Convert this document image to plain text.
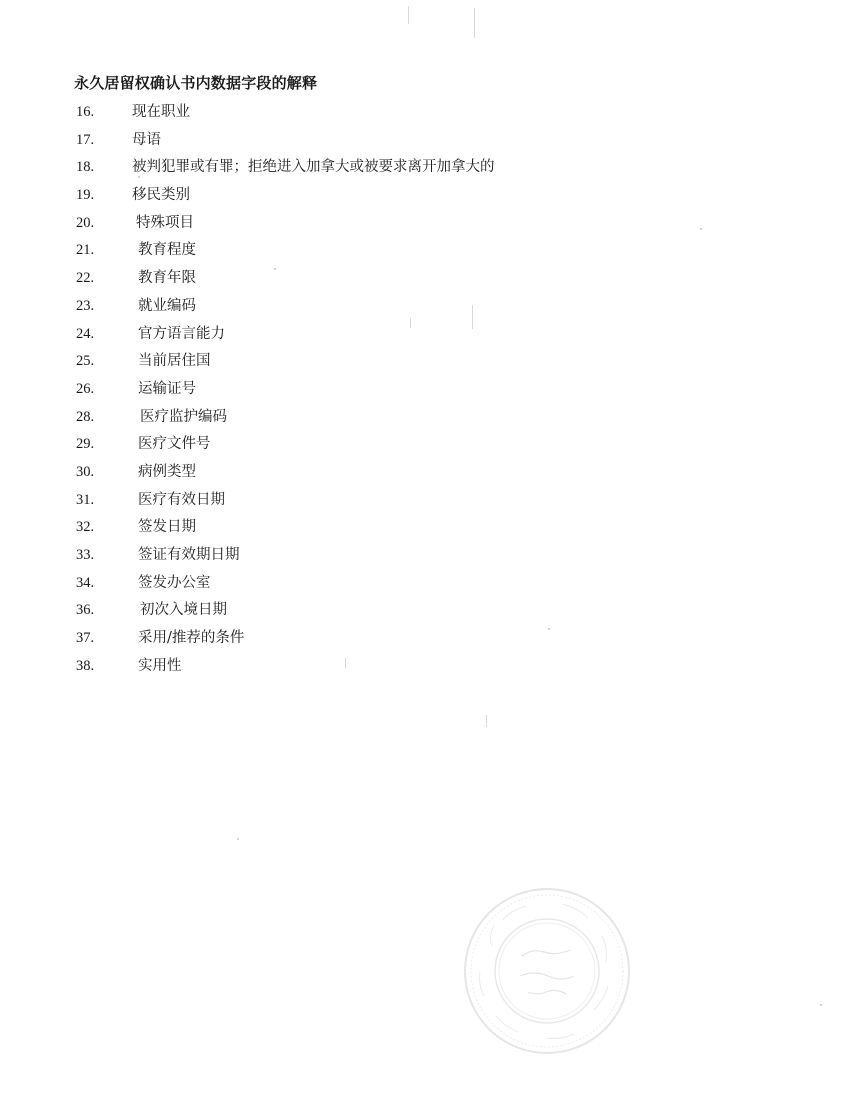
永久居留权确认书内数据字段的解释
16.	现在职业
17.	母语
18.	被判犯罪或有罪；拒绝进入加拿大或被要求离开加拿大的
19.	移民类别
20.	特殊项目
21.	教育程度
22.	教育年限
23.	就业编码
24.	官方语言能力
25.	当前居住国
26.	运输证号
28.	医疗监护编码
29.	医疗文件号
30.	病例类型
31.	医疗有效日期
32.	签发日期
33.	签证有效期日期
34.	签发办公室
36.	初次入境日期
37.	采用/推荐的条件
38.	实用性
